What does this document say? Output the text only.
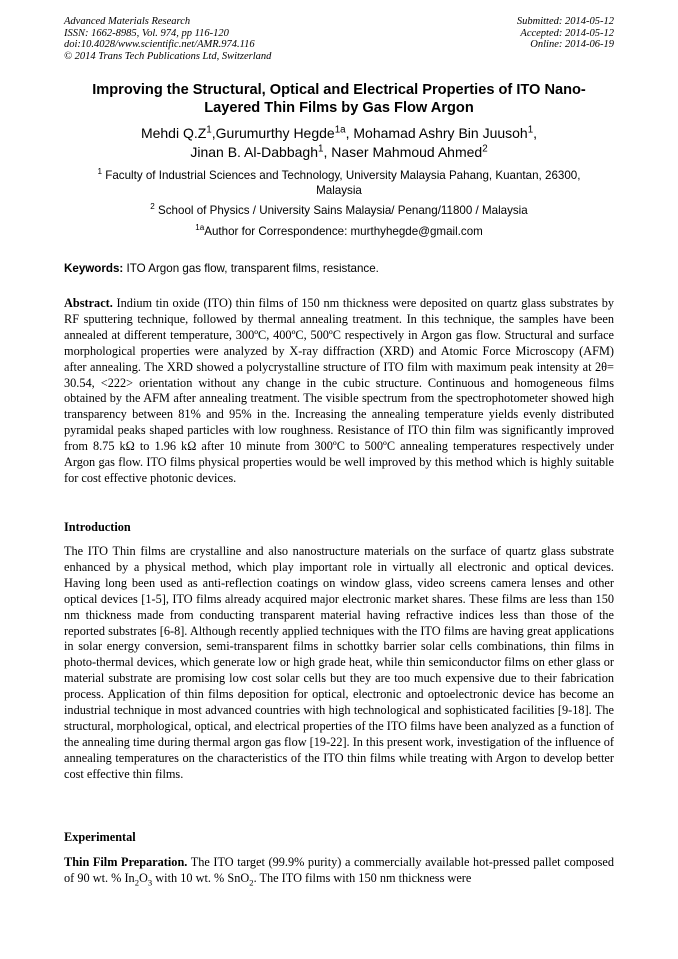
Advanced Materials Research
ISSN: 1662-8985, Vol. 974, pp 116-120
doi:10.4028/www.scientific.net/AMR.974.116
© 2014 Trans Tech Publications Ltd, Switzerland
Submitted: 2014-05-12
Accepted: 2014-05-12
Online: 2014-06-19
Improving the Structural, Optical and Electrical Properties of ITO Nano-
Layered Thin Films by Gas Flow Argon
Mehdi $Q.Z^1,Gurumurthy$ Hegde$^{1a}$, Mohamad Ashry Bin Juusoh$^1$,
Jinan B. Al-Dabbagh$^1$, Naser Mahmoud Ahmed$^2$
$^1$ Faculty of Industrial Sciences and Technology, University Malaysia Pahang, Kuantan, 26300,
Malaysia
$^2$ School of Physics / University Sains Malaysia/ Penang/11800 / Malaysia
$^{1a}$Author for Correspondence: murthyhegde@gmail.com
Keywords: ITO Argon gas flow, transparent films, resistance.
Abstract. Indium tin oxide (ITO) thin films of 150 nm thickness were deposited on quartz glass substrates by RF sputtering technique, followed by thermal annealing treatment. In this technique, the samples have been annealed at different temperature, 300ºC, 400ºC, 500ºC respectively in Argon gas flow. Structural and surface morphological properties were analyzed by X-ray diffraction (XRD) and Atomic Force Microscopy (AFM) after annealing. The XRD showed a polycrystalline structure of ITO film with maximum peak intensity at 2θ= 30.54, <222> orientation without any change in the cubic structure. Continuous and homogeneous films obtained by the AFM after annealing treatment. The visible spectrum from the spectrophotometer showed high transparency between 81% and 95% in the. Increasing the annealing temperature yields evenly distributed pyramidal peaks shaped particles with low roughness. Resistance of ITO thin film was significantly improved from 8.75 kΩ to 1.96 kΩ after 10 minute from 300ºC to 500ºC annealing temperatures respectively under Argon gas flow. ITO films physical properties would be well improved by this method which is highly suitable for cost effective photonic devices.
Introduction
The ITO Thin films are crystalline and also nanostructure materials on the surface of quartz glass substrate enhanced by a physical method, which play important role in virtually all electronic and optical devices. Having long been used as anti-reflection coatings on window glass, video screens camera lenses and other optical devices [1-5], ITO films already acquired major electronic market shares. These films are less than 150 nm thickness made from conducting transparent material having refractive indices less than those of the reported substrates [6-8]. Although recently applied techniques with the ITO films are having great applications in solar energy conversion, semi-transparent films in schottky barrier solar cells combinations, thin films in photo-thermal devices, which generate low or high grade heat, while thin semiconductor films on ether glass or material substrate are promising low cost solar cells but they are too much expensive due to their fabrication process. Application of thin films deposition for optical, electronic and optoelectronic device has become an industrial technique in most advanced countries with high technological and sophisticated facilities [9-18]. The structural, morphological, optical, and electrical properties of the ITO films have been analyzed as a function of the annealing time during thermal argon gas flow [19-22]. In this present work, investigation of the influence of annealing temperatures on the characteristics of the ITO thin films while treating with Argon to develop better cost effective thin films.
Experimental
Thin Film Preparation. The ITO target (99.9% purity) a commercially available hot-pressed pallet composed of 90 wt. % $In_2O_3$ with 10 wt. % SnO$_2$. The ITO films with 150 nm thickness were
